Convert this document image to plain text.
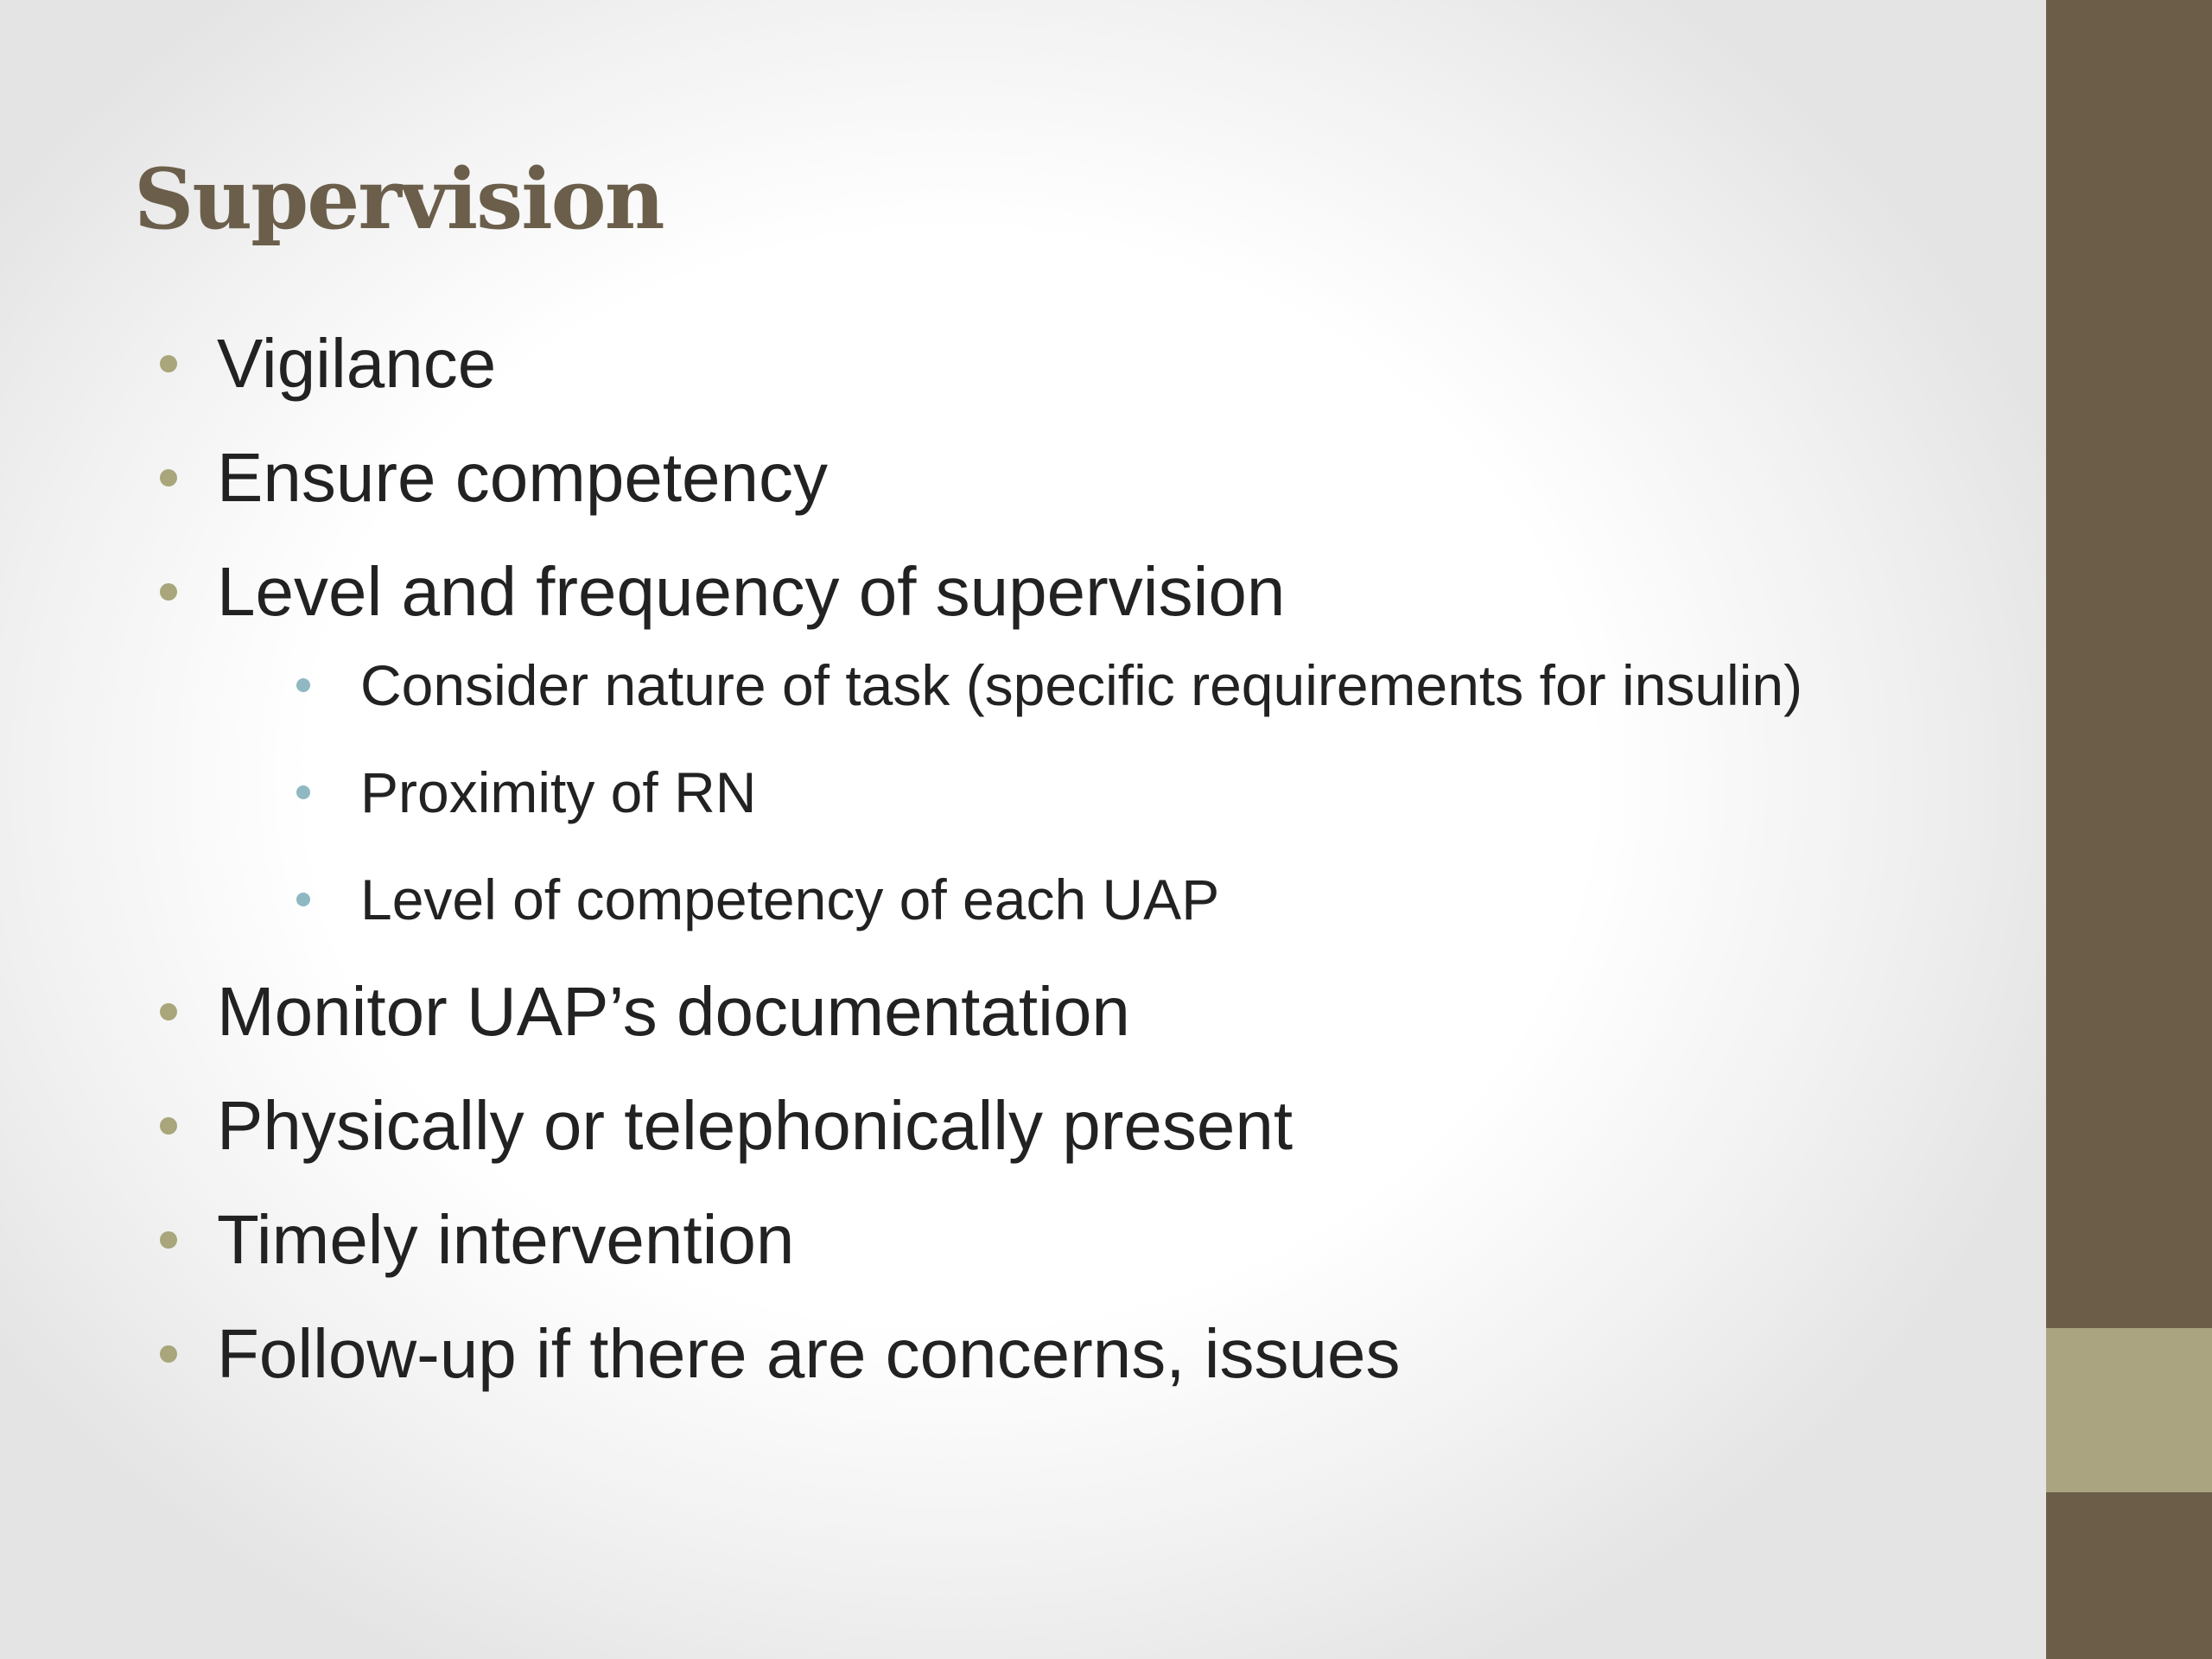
Supervision
Vigilance
Ensure competency
Level and frequency of supervision
Consider nature of task (specific requirements for insulin)
Proximity of RN
Level of competency of each UAP
Monitor UAP’s documentation
Physically or telephonically present
Timely intervention
Follow-up if there are concerns, issues
